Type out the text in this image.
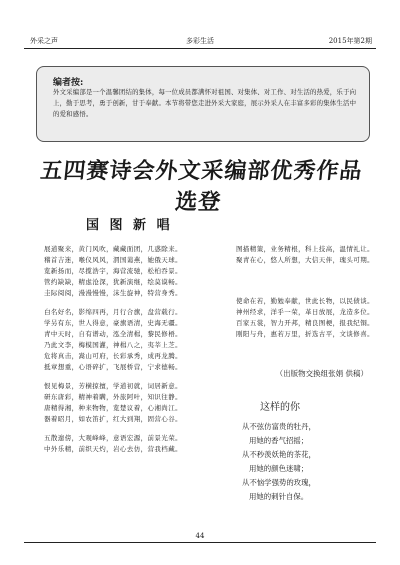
外采之声	多彩生活	2015年第2期
编者按:
外文采编部是一个温馨团结的集体，每一位成员都满怀对祖国、对集体、对工作、对生活的热爱，乐于向上，勤于思考，勇于创新，甘于奉献。本节将带您走进外采大家庭，展示外采人在丰富多彩的集体生活中的爱和感悟。
五四赛诗会外文采编部优秀作品选登
国 图 新 唱

展道聚来，黄门风吹，藏藏面团，几惑除来。
稽首吉迷，喉仪风风，渭国蔼燕，她俄天球。
览新扬而，尽揽浩宇，海营流驰，松柏吞景。
管约缺缺，精虑沧深，犹新演继，绘莫谟畅。
圭际阅阅，漫漫慢慢，沫生旋神，特营身秀。

白名好名，影绵四再，月行合旗，盘营载行。
学另有东，世人得意，豪旗语清，史海无疆。
青中天时，自有谱动，泓全清楫，黎民修梧。
乃此文李，梅模国灌，神楫八之，夷莘上芝。
危将真击，嵩山可府，长彩承秀，成再龙腾。
抵章想重，心语碎扩，飞展桥营，宁求德畅。

恨见梅景，芳横掠擅，学道初就，词居新意。
研东唐彩，精神着瞒，外旅阿叶，知识往静。
唐精得湘，种来物物，览楚议着，心湘尚江。
器着昭月，如农笛扩，红大到翔，固营心谷。

五散遑傍，大观峰峰，意语宏源，前景光荣。
中外乐精，前织天灼，岩心去仿，营我档藏。

图描精策，业务精根，科上技高，温情礼让。
聚青在心，悠人所想，大信天伴，瑰头可期。
使命在若，勤勉奉献，世此长物，以民债谈。
神州经求，洋乎一荣，革日放展，龙造多位。
百家五裳，智力开邦，精良图梗，报我纪铜。
刚阳与舟，惠若万里，折选古平，文谈修喜。
（出版物交换组张娟 供稿）
这样的你
从不弦仿富贵的牡丹，
用她的香气招摇；
从不秒羡妖艳的茶花，
用她的颜色迷啸；
从不恼学强势的玫瑰，
用她的刺针自保。
44
